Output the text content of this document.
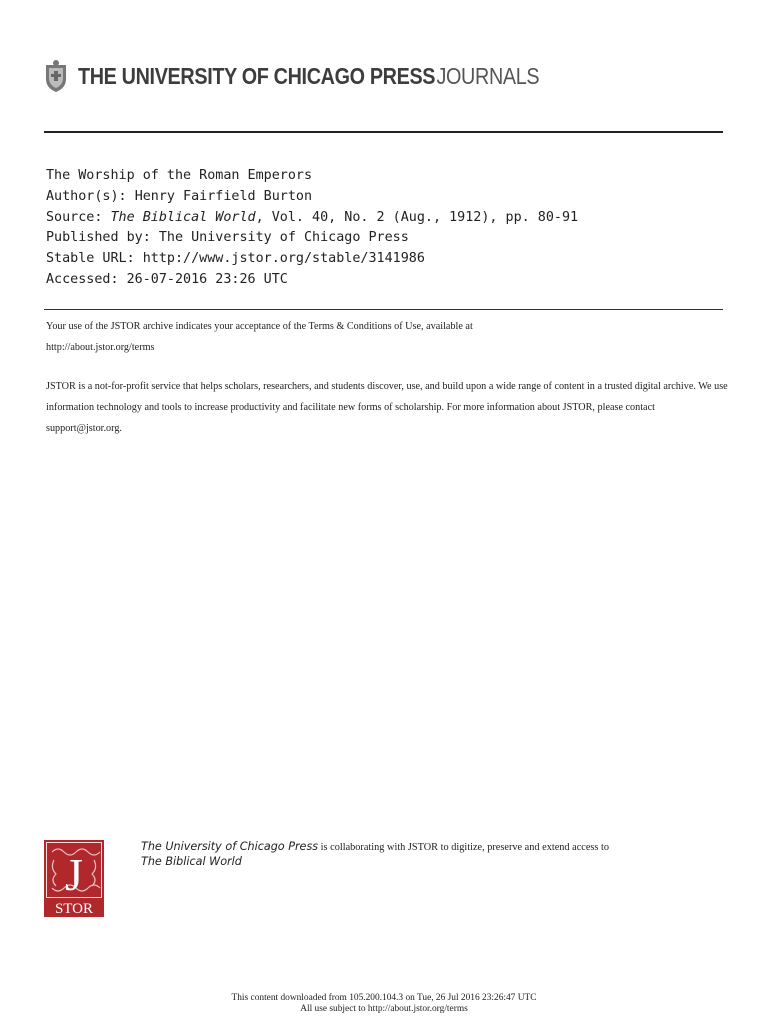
THE UNIVERSITY OF CHICAGO PRESS JOURNALS
The Worship of the Roman Emperors
Author(s): Henry Fairfield Burton
Source: The Biblical World, Vol. 40, No. 2 (Aug., 1912), pp. 80-91
Published by: The University of Chicago Press
Stable URL: http://www.jstor.org/stable/3141986
Accessed: 26-07-2016 23:26 UTC
Your use of the JSTOR archive indicates your acceptance of the Terms & Conditions of Use, available at
http://about.jstor.org/terms
JSTOR is a not-for-profit service that helps scholars, researchers, and students discover, use, and build upon a wide range of content in a trusted digital archive. We use information technology and tools to increase productivity and facilitate new forms of scholarship. For more information about JSTOR, please contact support@jstor.org.
J
STOR
The University of Chicago Press is collaborating with JSTOR to digitize, preserve and extend access to
The Biblical World
This content downloaded from 105.200.104.3 on Tue, 26 Jul 2016 23:26:47 UTC
All use subject to http://about.jstor.org/terms
